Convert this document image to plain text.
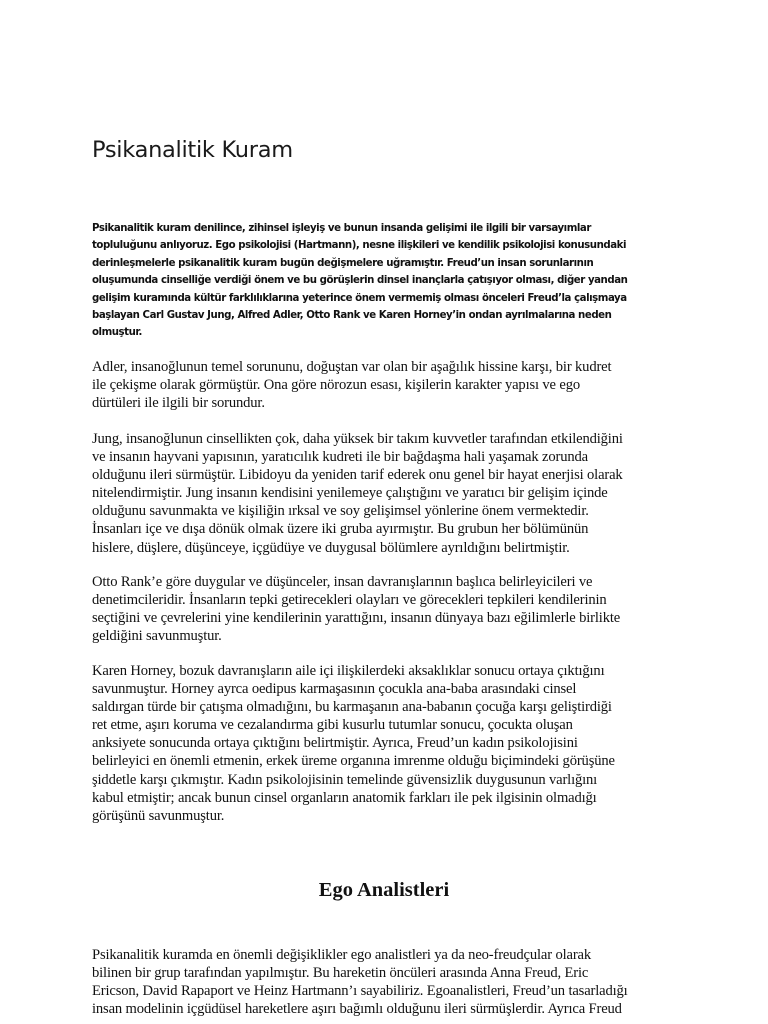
Psikanalitik Kuram

Psikanalitik kuram denilince, zihinsel işleyiş ve bunun insanda gelişimi ile ilgili bir varsayımlar
topluluğunu anlıyoruz. Ego psikolojisi (Hartmann), nesne ilişkileri ve kendilik psikolojisi konusundaki
derinleşmelerle psikanalitik kuram bugün değişmelere uğramıştır. Freud’un insan sorunlarının
oluşumunda cinselliğe verdiği önem ve bu görüşlerin dinsel inançlarla çatışıyor olması, diğer yandan
gelişim kuramında kültür farklılıklarına yeterince önem vermemiş olması önceleri Freud’la çalışmaya
başlayan Carl Gustav Jung, Alfred Adler, Otto Rank ve Karen Horney’in ondan ayrılmalarına neden
olmuştur.

Adler, insanoğlunun temel sorununu, doğuştan var olan bir aşağılık hissine karşı, bir kudret
ile çekişme olarak görmüştür. Ona göre nörozun esası, kişilerin karakter yapısı ve ego
dürtüleri ile ilgili bir sorundur.

Jung, insanoğlunun cinsellikten çok, daha yüksek bir takım kuvvetler tarafından etkilendiğini
ve insanın hayvani yapısının, yaratıcılık kudreti ile bir bağdaşma hali yaşamak zorunda
olduğunu ileri sürmüştür. Libidoyu da yeniden tarif ederek onu genel bir hayat enerjisi olarak
nitelendirmiştir. Jung insanın kendisini yenilemeye çalıştığını ve yaratıcı bir gelişim içinde
olduğunu savunmakta ve kişiliğin ırksal ve soy gelişimsel yönlerine önem vermektedir.
İnsanları içe ve dışa dönük olmak üzere iki gruba ayırmıştır. Bu grubun her bölümünün
hislere, düşlere, düşünceye, içgüdüye ve duygusal bölümlere ayrıldığını belirtmiştir.

Otto Rank’e göre duygular ve düşünceler, insan davranışlarının başlıca belirleyicileri ve
denetimcileridir. İnsanların tepki getirecekleri olayları ve görecekleri tepkileri kendilerinin
seçtiğini ve çevrelerini yine kendilerinin yarattığını, insanın dünyaya bazı eğilimlerle birlikte
geldiğini savunmuştur.

Karen Horney, bozuk davranışların aile içi ilişkilerdeki aksaklıklar sonucu ortaya çıktığını
savunmuştur. Horney ayrca oedipus karmaşasının çocukla ana-baba arasındaki cinsel
saldırgan türde bir çatışma olmadığını, bu karmaşanın ana-babanın çocuğa karşı geliştirdiği
ret etme, aşırı koruma ve cezalandırma gibi kusurlu tutumlar sonucu, çocukta oluşan
anksiyete sonucunda ortaya çıktığını belirtmiştir. Ayrıca, Freud’un kadın psikolojisini
belirleyici en önemli etmenin, erkek üreme organına imrenme olduğu biçimindeki görüşüne
şiddetle karşı çıkmıştır. Kadın psikolojisinin temelinde güvensizlik duygusunun varlığını
kabul etmiştir; ancak bunun cinsel organların anatomik farkları ile pek ilgisinin olmadığı
görüşünü savunmuştur.

Ego Analistleri

Psikanalitik kuramda en önemli değişiklikler ego analistleri ya da neo-freudçular olarak
bilinen bir grup tarafından yapılmıştır. Bu hareketin öncüleri arasında Anna Freud, Eric
Ericson, David Rapaport ve Heinz Hartmann’ı sayabiliriz. Egoanalistleri, Freud’un tasarladığı
insan modelinin içgüdüsel hareketlere aşırı bağımlı olduğunu ileri sürmüşlerdir. Ayrıca Freud
